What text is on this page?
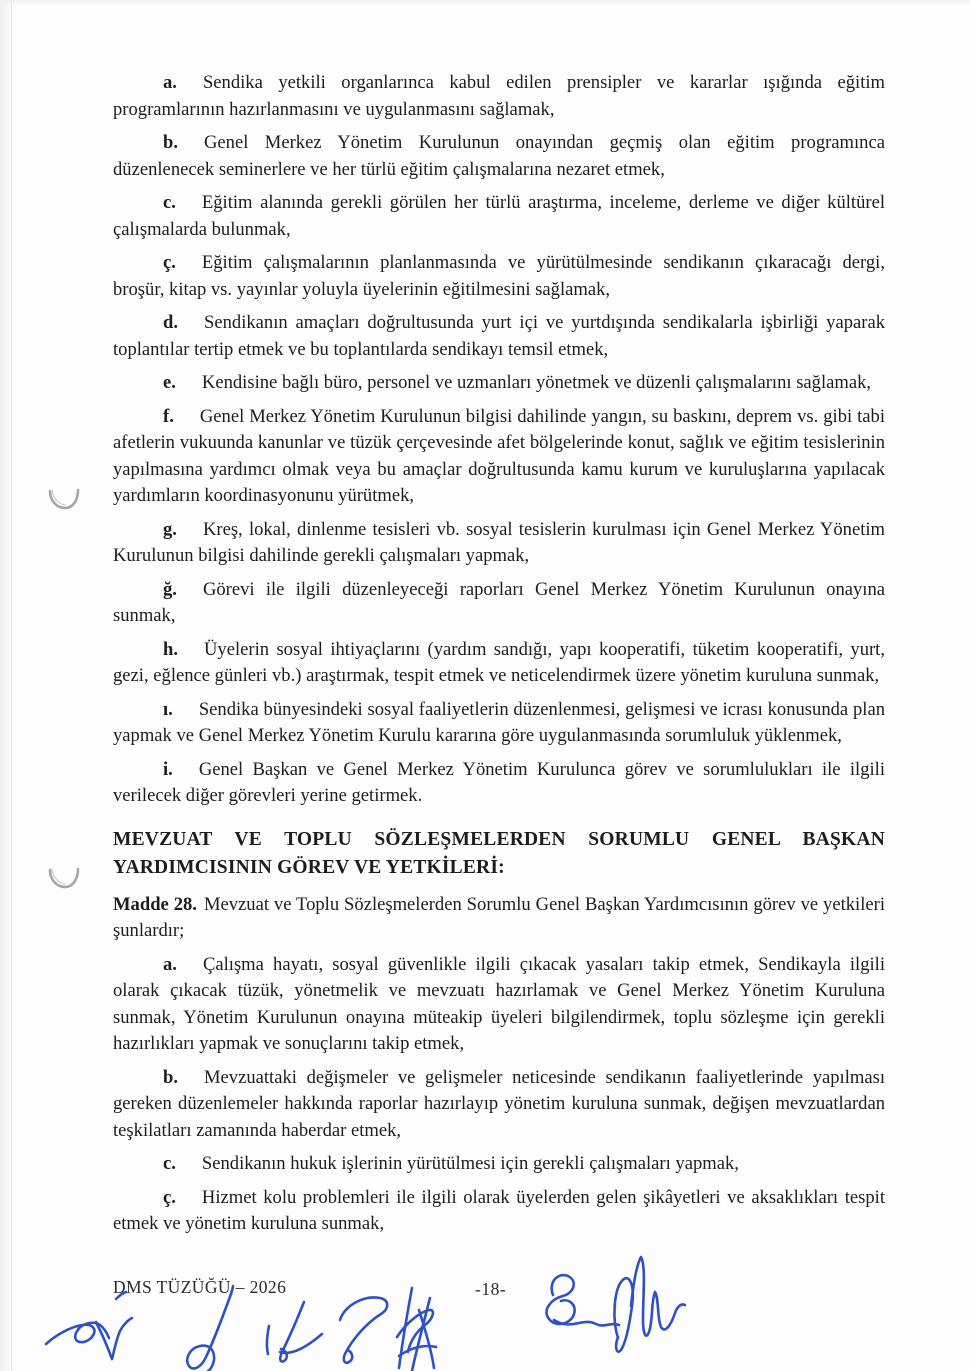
a. Sendika yetkili organlarınca kabul edilen prensipler ve kararlar ışığında eğitim programlarının hazırlanmasını ve uygulanmasını sağlamak,

b. Genel Merkez Yönetim Kurulunun onayından geçmiş olan eğitim programınca düzenlenecek seminerlere ve her türlü eğitim çalışmalarına nezaret etmek,

c. Eğitim alanında gerekli görülen her türlü araştırma, inceleme, derleme ve diğer kültürel çalışmalarda bulunmak,

ç. Eğitim çalışmalarının planlanmasında ve yürütülmesinde sendikanın çıkaracağı dergi, broşür, kitap vs. yayınlar yoluyla üyelerinin eğitilmesini sağlamak,

d. Sendikanın amaçları doğrultusunda yurt içi ve yurtdışında sendikalarla işbirliği yaparak toplantılar tertip etmek ve bu toplantılarda sendikayı temsil etmek,

e. Kendisine bağlı büro, personel ve uzmanları yönetmek ve düzenli çalışmalarını sağlamak,

f. Genel Merkez Yönetim Kurulunun bilgisi dahilinde yangın, su baskını, deprem vs. gibi tabi afetlerin vukuunda kanunlar ve tüzük çerçevesinde afet bölgelerinde konut, sağlık ve eğitim tesislerinin yapılmasına yardımcı olmak veya bu amaçlar doğrultusunda kamu kurum ve kuruluşlarına yapılacak yardımların koordinasyonunu yürütmek,

g. Kreş, lokal, dinlenme tesisleri vb. sosyal tesislerin kurulması için Genel Merkez Yönetim Kurulunun bilgisi dahilinde gerekli çalışmaları yapmak,

ğ. Görevi ile ilgili düzenleyeceği raporları Genel Merkez Yönetim Kurulunun onayına sunmak,

h. Üyelerin sosyal ihtiyaçlarını (yardım sandığı, yapı kooperatifi, tüketim kooperatifi, yurt, gezi, eğlence günleri vb.) araştırmak, tespit etmek ve neticelendirmek üzere yönetim kuruluna sunmak,

ı. Sendika bünyesindeki sosyal faaliyetlerin düzenlenmesi, gelişmesi ve icrası konusunda plan yapmak ve Genel Merkez Yönetim Kurulu kararına göre uygulanmasında sorumluluk yüklenmek,

i. Genel Başkan ve Genel Merkez Yönetim Kurulunca görev ve sorumlulukları ile ilgili verilecek diğer görevleri yerine getirmek.

MEVZUAT VE TOPLU SÖZLEŞMELERDEN SORUMLU GENEL BAŞKAN
YARDIMCISININ GÖREV VE YETKİLERİ:

Madde 28. Mevzuat ve Toplu Sözleşmelerden Sorumlu Genel Başkan Yardımcısının görev ve yetkileri şunlardır;

a. Çalışma hayatı, sosyal güvenlikle ilgili çıkacak yasaları takip etmek, Sendikayla ilgili olarak çıkacak tüzük, yönetmelik ve mevzuatı hazırlamak ve Genel Merkez Yönetim Kuruluna sunmak, Yönetim Kurulunun onayına müteakip üyeleri bilgilendirmek, toplu sözleşme için gerekli hazırlıkları yapmak ve sonuçlarını takip etmek,

b. Mevzuattaki değişmeler ve gelişmeler neticesinde sendikanın faaliyetlerinde yapılması gereken düzenlemeler hakkında raporlar hazırlayıp yönetim kuruluna sunmak, değişen mevzuatlardan teşkilatları zamanında haberdar etmek,

c. Sendikanın hukuk işlerinin yürütülmesi için gerekli çalışmaları yapmak,

ç. Hizmet kolu problemleri ile ilgili olarak üyelerden gelen şikâyetleri ve aksaklıkları tespit etmek ve yönetim kuruluna sunmak,

DMS TÜZÜĞÜ – 2026	-18-
